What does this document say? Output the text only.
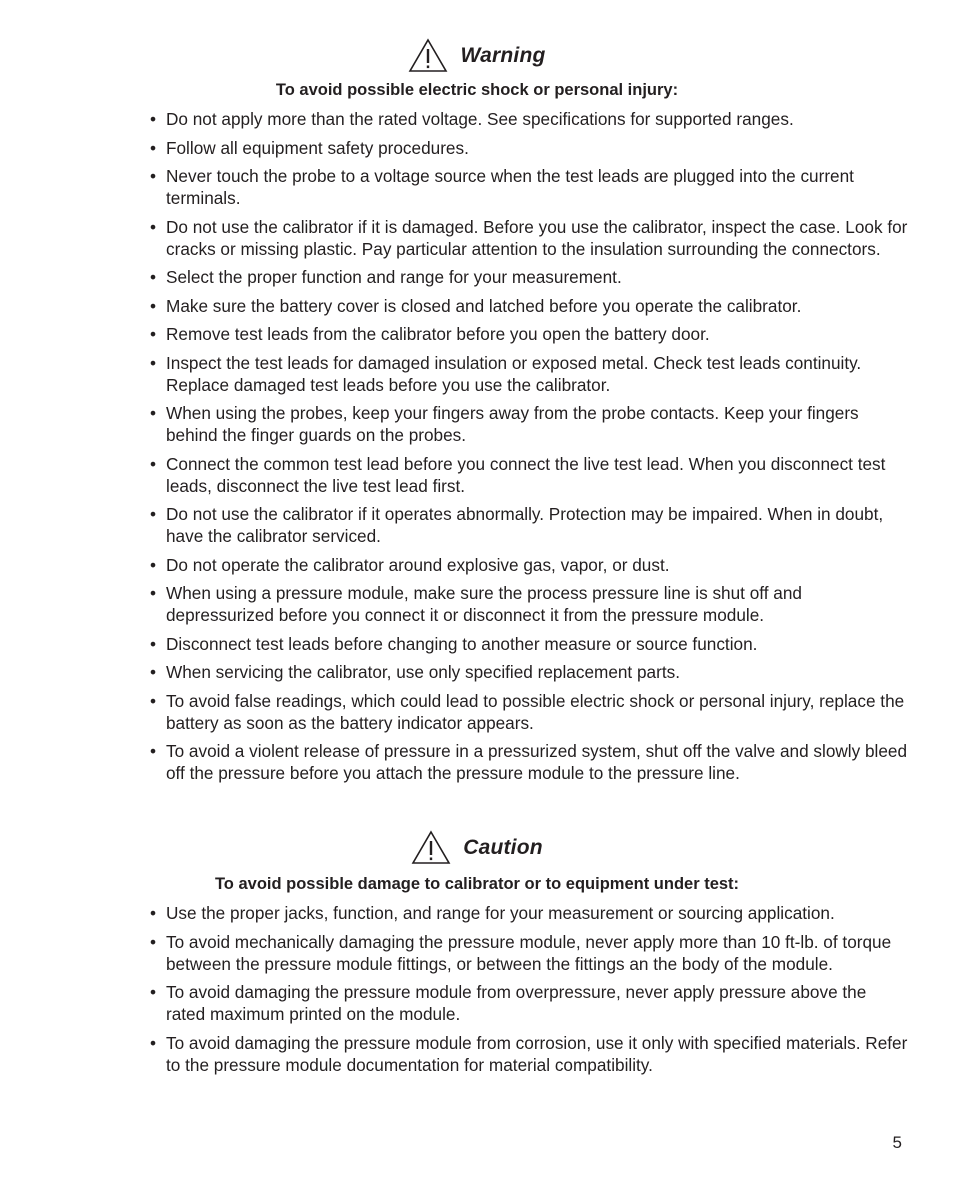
Warning
To avoid possible electric shock or personal injury:
• Do not apply more than the rated voltage. See specifications for supported ranges.
• Follow all equipment safety procedures.
• Never touch the probe to a voltage source when the test leads are plugged into the current terminals.
• Do not use the calibrator if it is damaged. Before you use the calibrator, inspect the case. Look for cracks or missing plastic. Pay particular attention to the insulation surrounding the connectors.
• Select the proper function and range for your measurement.
• Make sure the battery cover is closed and latched before you operate the calibrator.
• Remove test leads from the calibrator before you open the battery door.
• Inspect the test leads for damaged insulation or exposed metal. Check test leads continuity. Replace damaged test leads before you use the calibrator.
• When using the probes, keep your fingers away from the probe contacts. Keep your fingers behind the finger guards on the probes.
• Connect the common test lead before you connect the live test lead. When you disconnect test leads, disconnect the live test lead first.
• Do not use the calibrator if it operates abnormally. Protection may be impaired. When in doubt, have the calibrator serviced.
• Do not operate the calibrator around explosive gas, vapor, or dust.
• When using a pressure module, make sure the process pressure line is shut off and depressurized before you connect it or disconnect it from the pressure module.
• Disconnect test leads before changing to another measure or source function.
• When servicing the calibrator, use only specified replacement parts.
• To avoid false readings, which could lead to possible electric shock or personal injury, replace the battery as soon as the battery indicator appears.
• To avoid a violent release of pressure in a pressurized system, shut off the valve and slowly bleed off the pressure before you attach the pressure module to the pressure line.
Caution
To avoid possible damage to calibrator or to equipment under test:
• Use the proper jacks, function, and range for your measurement or sourcing application.
• To avoid mechanically damaging the pressure module, never apply more than 10 ft-lb. of torque between the pressure module fittings, or between the fittings an the body of the module.
• To avoid damaging the pressure module from overpressure, never apply pressure above the rated maximum printed on the module.
• To avoid damaging the pressure module from corrosion, use it only with specified materials. Refer to the pressure module documentation for material compatibility.
5
